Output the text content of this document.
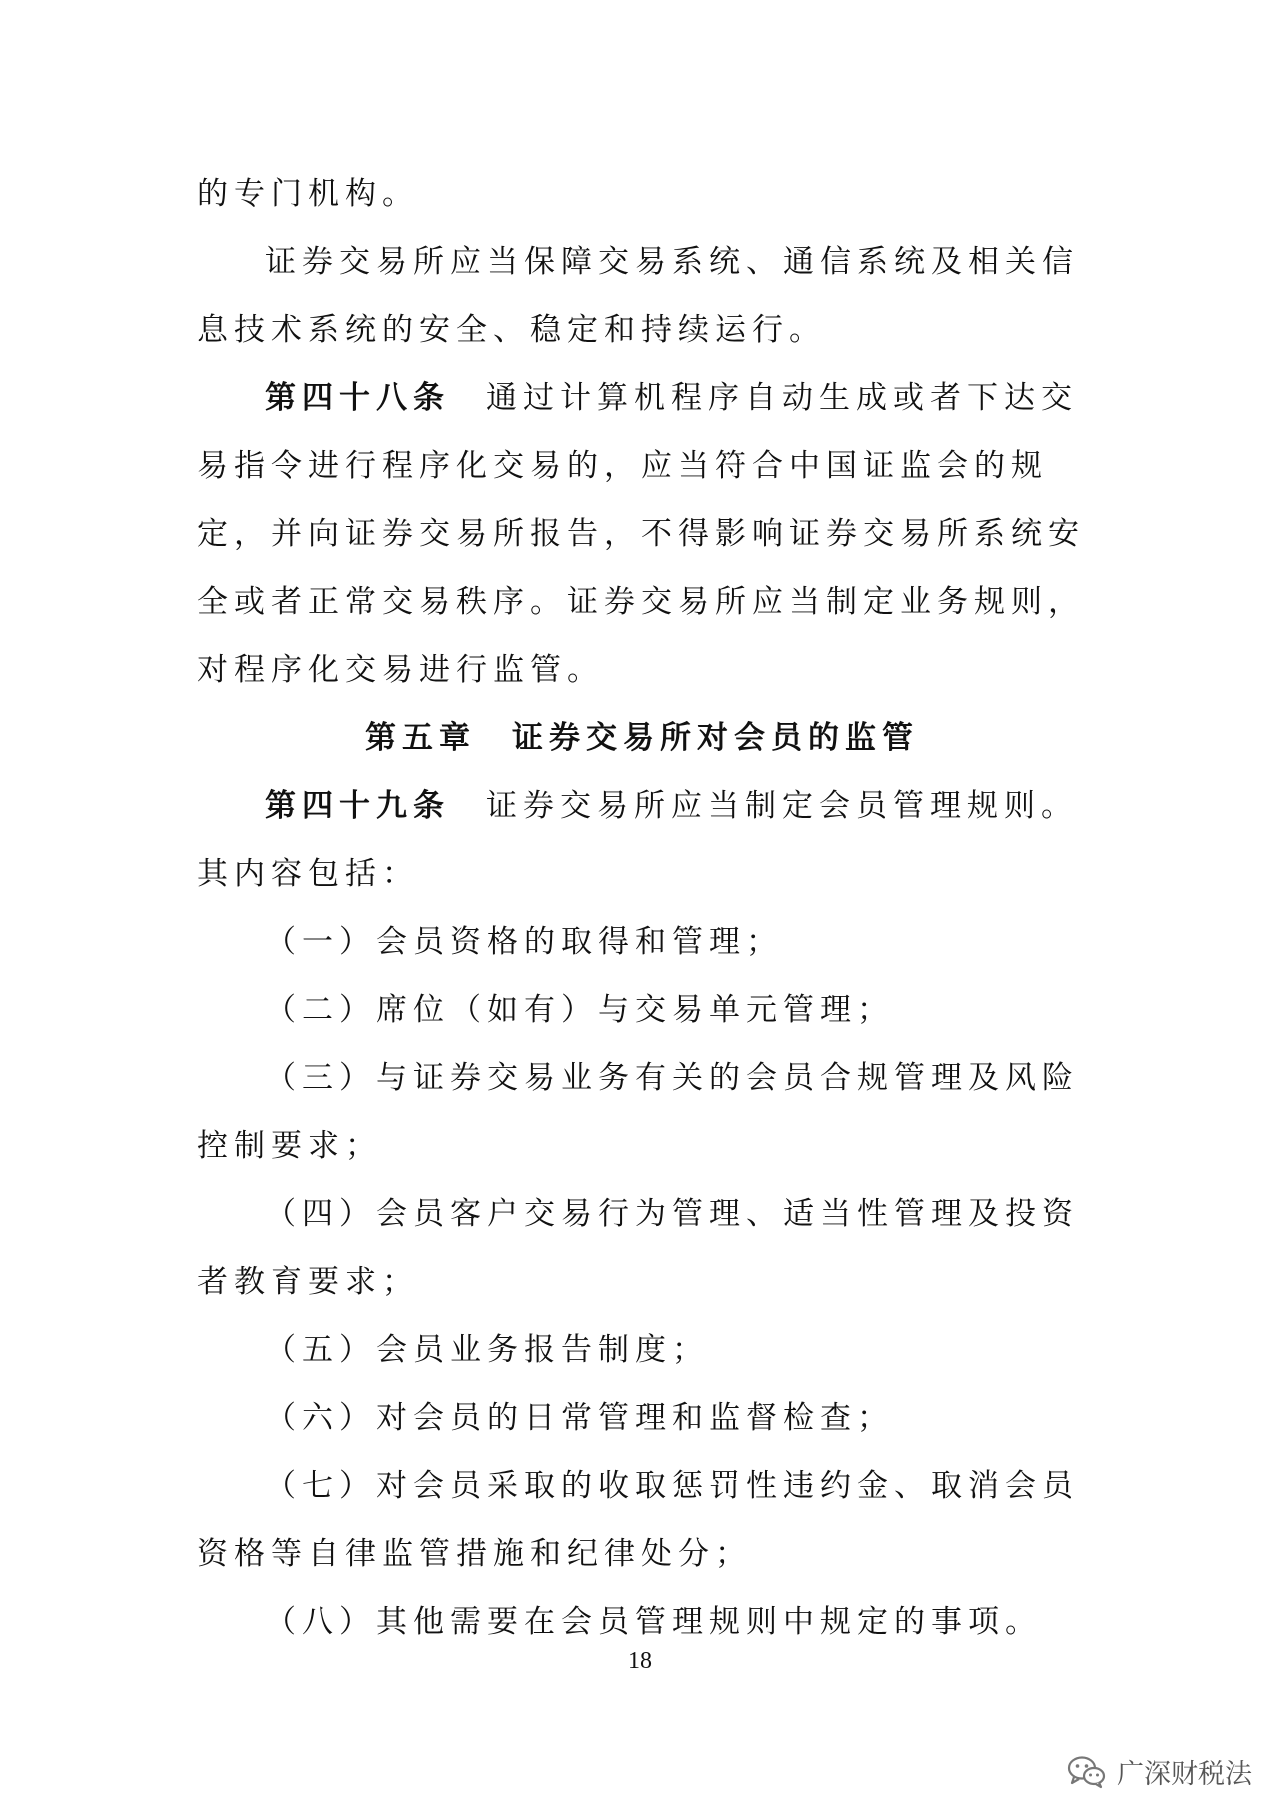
的专门机构。

证券交易所应当保障交易系统、通信系统及相关信息技术系统的安全、稳定和持续运行。

第四十八条 通过计算机程序自动生成或者下达交易指令进行程序化交易的，应当符合中国证监会的规定，并向证券交易所报告，不得影响证券交易所系统安全或者正常交易秩序。证券交易所应当制定业务规则，对程序化交易进行监管。

第五章 证券交易所对会员的监管

第四十九条 证券交易所应当制定会员管理规则。其内容包括：

（一）会员资格的取得和管理；

（二）席位（如有）与交易单元管理；

（三）与证券交易业务有关的会员合规管理及风险控制要求；

（四）会员客户交易行为管理、适当性管理及投资者教育要求；

（五）会员业务报告制度；

（六）对会员的日常管理和监督检查；

（七）对会员采取的收取惩罚性违约金、取消会员资格等自律监管措施和纪律处分；

（八）其他需要在会员管理规则中规定的事项。

18
广深财税法
